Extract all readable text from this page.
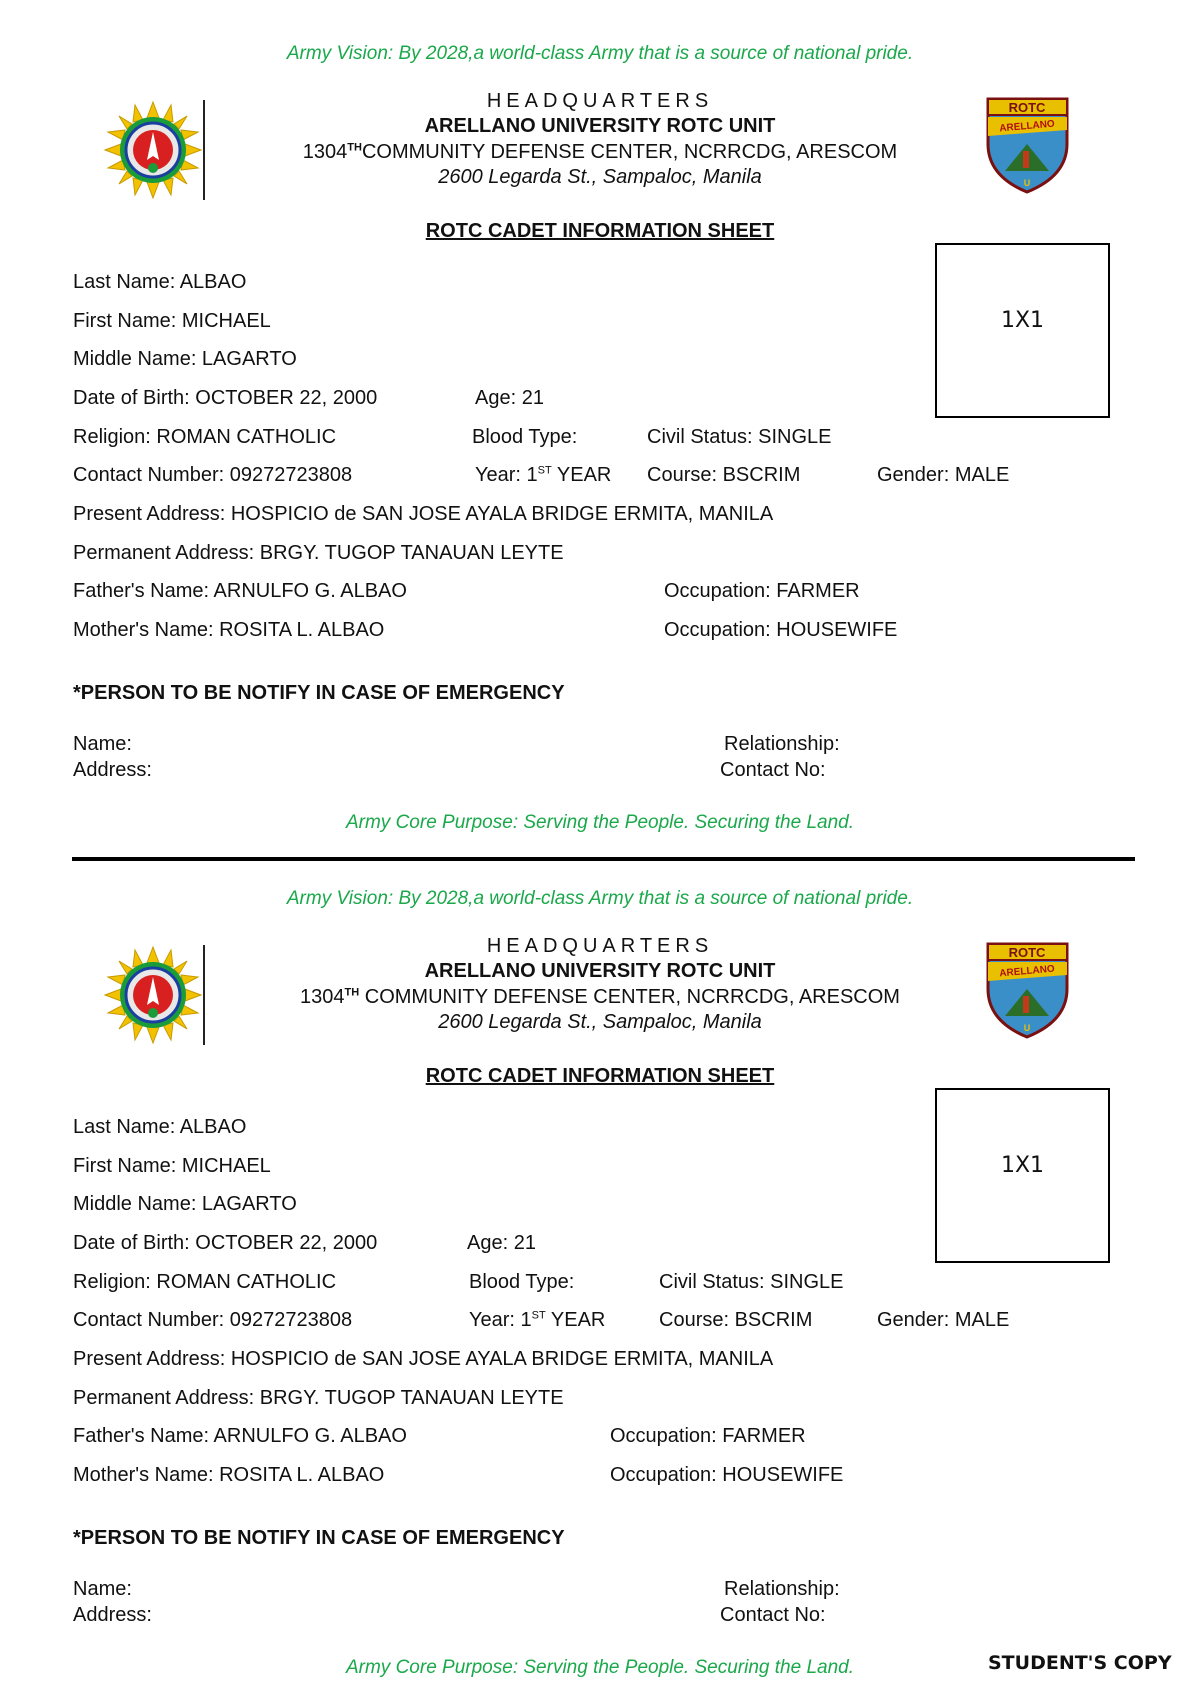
Army Vision: By 2028,a world-class Army that is a source of national pride.
HEADQUARTERS
ARELLANO UNIVERSITY ROTC UNIT
1304THCOMMUNITY DEFENSE CENTER, NCRRCDG, ARESCOM
2600 Legarda St., Sampaloc, Manila
ROTC
ARELLANO
U
ROTC CADET INFORMATION SHEET
1X1
Last Name: ALBAO
First Name: MICHAEL
Middle Name: LAGARTO
Date of Birth: OCTOBER 22, 2000	Age: 21
Religion: ROMAN CATHOLIC	Blood Type:	Civil Status: SINGLE
Contact Number: 09272723808	Year: 1ST YEAR Course: BSCRIM	Gender: MALE
Present Address: HOSPICIO de SAN JOSE AYALA BRIDGE ERMITA, MANILA
Permanent Address: BRGY. TUGOP TANAUAN LEYTE
Father's Name: ARNULFO G. ALBAO	Occupation: FARMER
Mother's Name: ROSITA L. ALBAO	Occupation: HOUSEWIFE
*PERSON TO BE NOTIFY IN CASE OF EMERGENCY
Name:	Relationship:
Address:	Contact No:
Army Core Purpose: Serving the People. Securing the Land.
Army Vision: By 2028,a world-class Army that is a source of national pride.
HEADQUARTERS
ARELLANO UNIVERSITY ROTC UNIT
1304TH COMMUNITY DEFENSE CENTER, NCRRCDG, ARESCOM
2600 Legarda St., Sampaloc, Manila
ROTC
ARELLANO
U
ROTC CADET INFORMATION SHEET
1X1
Last Name: ALBAO
First Name: MICHAEL
Middle Name: LAGARTO
Date of Birth: OCTOBER 22, 2000	Age: 21
Religion: ROMAN CATHOLIC	Blood Type:	Civil Status: SINGLE
Contact Number: 09272723808	Year: 1ST YEAR	Course: BSCRIM	Gender: MALE
Present Address: HOSPICIO de SAN JOSE AYALA BRIDGE ERMITA, MANILA
Permanent Address: BRGY. TUGOP TANAUAN LEYTE
Father's Name: ARNULFO G. ALBAO	Occupation: FARMER
Mother's Name: ROSITA L. ALBAO	Occupation: HOUSEWIFE
*PERSON TO BE NOTIFY IN CASE OF EMERGENCY
Name:	Relationship:
Address:	Contact No:
Army Core Purpose: Serving the People. Securing the Land.	STUDENT'S COPY
